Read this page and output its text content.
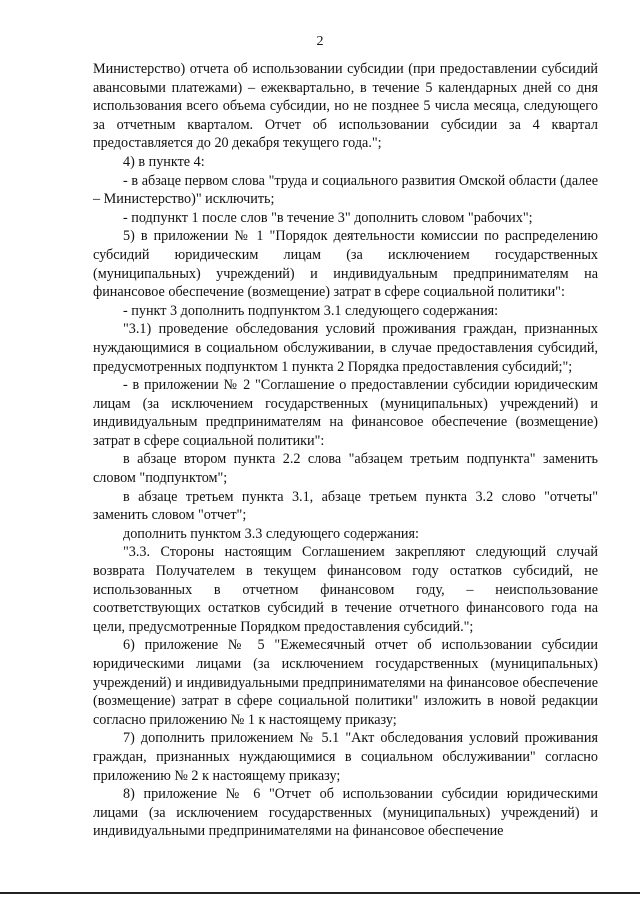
2

Министерство) отчета об использовании субсидии (при предоставлении субсидий авансовыми платежами) – ежеквартально, в течение 5 календарных дней со дня использования всего объема субсидии, но не позднее 5 числа месяца, следующего за отчетным кварталом. Отчет об использовании субсидии за 4 квартал предоставляется до 20 декабря текущего года.";

4) в пункте 4:

- в абзаце первом слова "труда и социального развития Омской области (далее – Министерство)" исключить;

- подпункт 1 после слов "в течение 3" дополнить словом "рабочих";

5) в приложении № 1 "Порядок деятельности комиссии по распределению субсидий юридическим лицам (за исключением государственных (муниципальных) учреждений) и индивидуальным предпринимателям на финансовое обеспечение (возмещение) затрат в сфере социальной политики":

- пункт 3 дополнить подпунктом 3.1 следующего содержания:

"3.1) проведение обследования условий проживания граждан, признанных нуждающимися в социальном обслуживании, в случае предоставления субсидий, предусмотренных подпунктом 1 пункта 2 Порядка предоставления субсидий;";

- в приложении № 2 "Соглашение о предоставлении субсидии юридическим лицам (за исключением государственных (муниципальных) учреждений) и индивидуальным предпринимателям на финансовое обеспечение (возмещение) затрат в сфере социальной политики":

в абзаце втором пункта 2.2 слова "абзацем третьим подпункта" заменить словом "подпунктом";

в абзаце третьем пункта 3.1, абзаце третьем пункта 3.2 слово "отчеты" заменить словом "отчет";

дополнить пунктом 3.3 следующего содержания:

"3.3. Стороны настоящим Соглашением закрепляют следующий случай возврата Получателем в текущем финансовом году остатков субсидий, не использованных в отчетном финансовом году, – неиспользование соответствующих остатков субсидий в течение отчетного финансового года на цели, предусмотренные Порядком предоставления субсидий.";

6) приложение № 5 "Ежемесячный отчет об использовании субсидии юридическими лицами (за исключением государственных (муниципальных) учреждений) и индивидуальными предпринимателями на финансовое обеспечение (возмещение) затрат в сфере социальной политики" изложить в новой редакции согласно приложению № 1 к настоящему приказу;

7) дополнить приложением № 5.1 "Акт обследования условий проживания граждан, признанных нуждающимися в социальном обслуживании" согласно приложению № 2 к настоящему приказу;

8) приложение № 6 "Отчет об использовании субсидии юридическими лицами (за исключением государственных (муниципальных) учреждений) и индивидуальными предпринимателями на финансовое обеспечение
